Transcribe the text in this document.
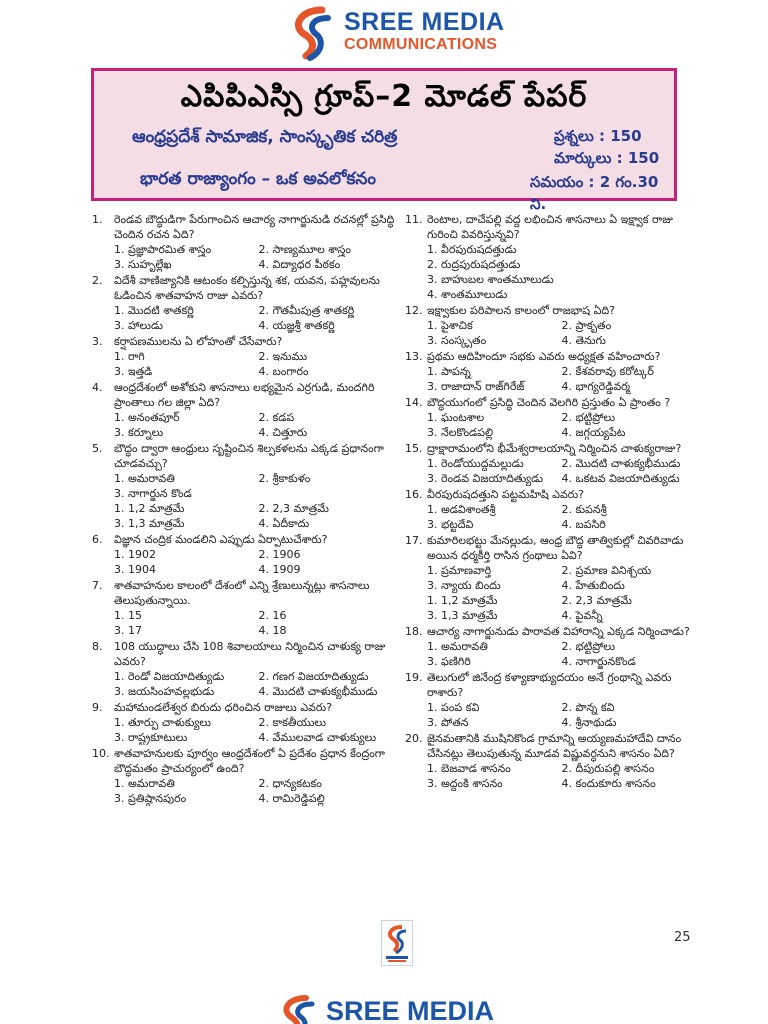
SREE MEDIA
COMMUNICATIONS
ఎపిపిఎస్సి గ్రూప్‌–2 మోడల్‌ పేపర్‌
ఆంధ్రప్రదేశ్‌ సామాజిక, సాంస్కృతిక చరిత్ర
భారత రాజ్యాంగం – ఒక అవలోకనం
ప్రశ్నలు : 150
మార్కులు : 150
సమయం : 2 గం.30 ని.
1.	రెండవ బౌద్ధుడిగా పేరుగాంచిన ఆచార్య నాగార్జునుడి రచనల్లో ప్రసిద్ధి చెందిన రచన ఏది?
1. ప్రజ్ఞాపారమిత శాస్త్రం	2. సాణ్యమూల శాస్త్రం
3. సుహృల్లేఖ	4. విద్యాధర పీఠకం
2.	విదేశీ వాణిజ్యానికి ఆటంకం కల్పిస్తున్న శక, యవన, పహ్లవులను ఓడించిన శాతవాహన రాజు ఎవరు?
1. మొదటి శాతకర్ణి	2. గౌతమీపుత్ర శాతకర్ణి
3. హాలుడు	4. యజ్ఞశ్రీ శాతకర్ణి
3.	కర్షాపణములను ఏ లోహంతో చేసేవారు?
1. రాగి	2. ఇనుము
3. ఇత్తడి	4. బంగారం
4.	ఆంధ్రదేశంలో అశోకుని శాసనాలు లభ్యమైన ఎర్రగుడి, మందగిరి ప్రాంతాలు గల జిల్లా ఏది?
1. అనంతపూర్	2. కడప
3. కర్నూలు	4. చిత్తూరు
5.	బౌద్ధం ద్వారా ఆంధ్రులు సృష్టించిన శిల్పకళలను ఎక్కడ ప్రధానంగా చూడవచ్చు?
1. అమరావతి	2. శ్రీకాకుళం
3. నాగార్జున కొండ
1. 1,2 మాత్రమే	2. 2,3 మాత్రమే
3. 1,3 మాత్రమే	4. ఏదీకాదు
6.	విజ్ఞాన చంద్రిక మండలిని ఎప్పుడు ఏర్పాటుచేశారు?
1. 1902	2. 1906
3. 1904	4. 1909
7.	శాతవాహనుల కాలంలో దేశంలో ఎన్ని శ్రేణులున్నట్లు శాసనాలు తెలుపుతున్నాయి.
1. 15	2. 16
3. 17	4. 18
8.	108 యుద్ధాలు చేసి 108 శివాలయాలు నిర్మించిన చాళుక్య రాజు ఎవరు?
1. రెండో విజయాదిత్యుడు	2. గణగ విజయాదిత్యుడు
3. జయసింహవల్లభుడు	4. మొదటి చాళుక్యభీముడు
9.	మహామండలేశ్వర బిరుదు ధరించిన రాజులు ఎవరు?
1. తూర్పు చాళుక్యులు	2. కాకతీయులు
3. రాష్ట్రకూటులు	4. వేములవాడ చాళుక్యులు
10. శాతవాహనులకు పూర్వం ఆంధ్రదేశంలో ఏ ప్రదేశం ప్రధాన కేంద్రంగా బౌద్ధమతం ప్రాచుర్యంలో ఉంది?
1. అమరావతి	2. ధాన్యకటకం
3. ప్రతిష్ఠానపురం	4. రామిరెడ్డిపల్లి
11. రెంటాల, దాచేపల్లి వద్ద లభించిన శాసనాలు ఏ ఇక్ష్వాక రాజు గురించి వివరిస్తున్నవి?
1. వీరపురుషదత్తుడు
2. రుద్రపురుషదత్తుడు
3. బాహుబల శాంతమూలుడు
4. శాంతమూలుడు
12. ఇక్ష్వాకుల పరిపాలన కాలంలో రాజభాష ఏది?
1. పైశాచిక	2. ప్రాకృతం
3. సంస్కృతం	4. తెనుగు
13. ప్రథమ ఆదిహిందూ సభకు ఎవరు అధ్యక్షత వహించారు?
1. పాపన్న	2. కేశవరావు కరోట్కర్
3. రాజాదాన్ రాజ్‌గిరేజ్	4. భాగ్యరెడ్డివర్మ
14. బౌద్ధయుగంలో ప్రసిద్ధి చెందిన వెలగిరి ప్రస్తుతం ఏ ప్రాంతం ?
1. ఘంటశాల	2. భట్టిప్రోలు
3. నేలకొండపల్లి	4. జగ్గయ్యపేట
15. ద్రాక్షారామంలోని భీమేశ్వరాలయాన్ని నిర్మించిన చాళుక్యరాజు?
1. రెండోయుద్ధమల్లుడు	2. మొదటి చాళుక్యభీముడు
3. రెండవ విజయాదిత్యుడు	4. ఒకటవ విజయాదిత్యుడు
16. వీరపురుషదత్తుని పట్టమహిషి ఎవరు?
1. అడవిశాంతశ్రీ	2. కుపనశ్రీ
3. భట్టదేవి	4. బపసిరి
17. కుమారిలభట్టు మేనల్లుడు, ఆంధ్ర బౌద్ధ తాత్వికుల్లో చివరివాడు అయిన ధర్మకీర్తి రాసిన గ్రంథాలు ఏవి?
1. ప్రమాణవార్తి	2. ప్రమాణ వినిశ్చయ
3. న్యాయ బిందు	4. హేతుబిందు
1. 1,2 మాత్రమే	2. 2,3 మాత్రమే
3. 1,3 మాత్రమే	4. పైవన్నీ
18. ఆచార్య నాగార్జునుడు పారావత విహారాన్ని ఎక్కడ నిర్మించాడు?
1. అమరావతి	2. భట్టిప్రోలు
3. ఫణిగిరి	4. నాగార్జునకొండ
19. తెలుగులో జినేంద్ర కళ్యాణాభ్యుదయం అనే గ్రంథాన్ని ఎవరు రాశారు?
1. పంప కవి	2. పొన్న కవి
3. పోతన	4. శ్రీనాథుడు
20. జైనమతానికి ముషినికొండ గ్రామాన్ని అయ్యణమహాదేవి దానం చేసినట్లు తెలుపుతున్న మూడవ విష్ణువర్ధనుని శాసనం ఏది?
1. బెజవాడ శాసనం	2. దీపురుపల్లి శాసనం
3. అద్దంకి శాసనం	4. కందుకూరు శాసనం
25
SREE MEDIA
